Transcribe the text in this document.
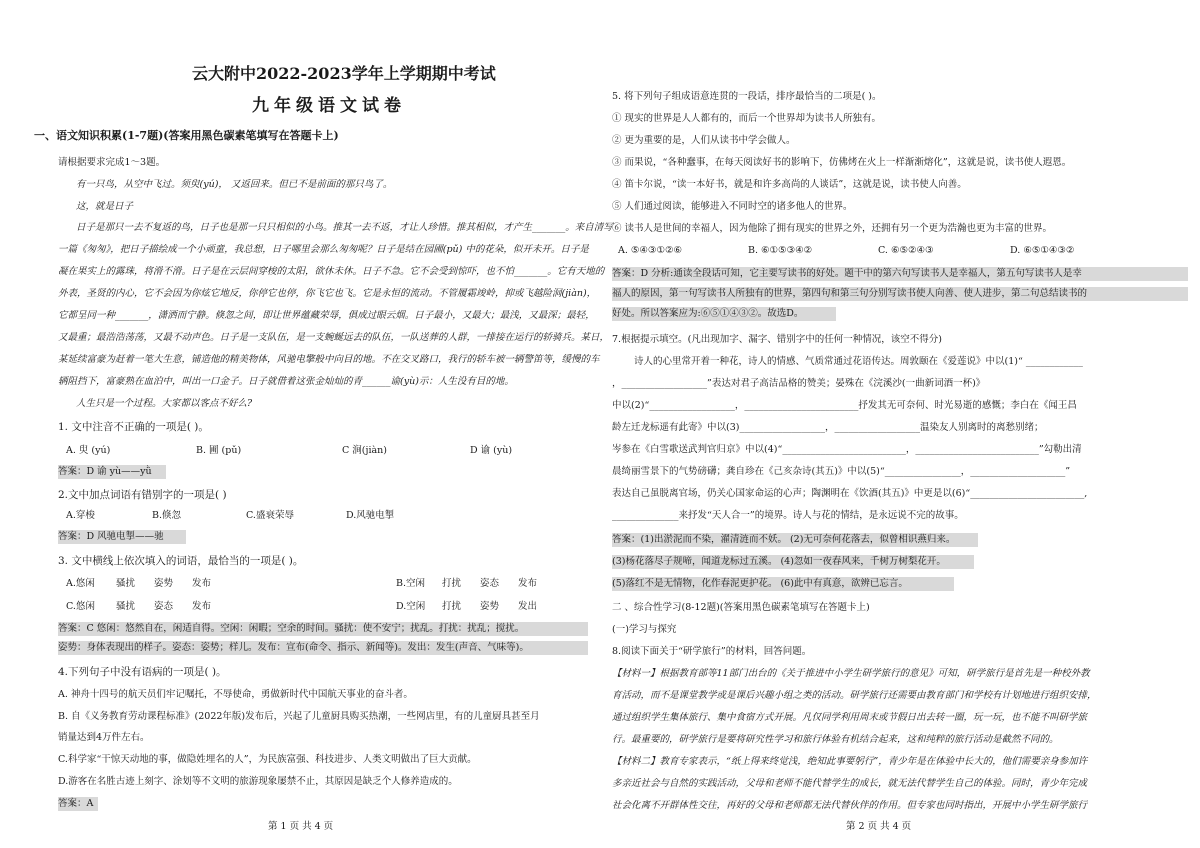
云大附中2022-2023学年上学期期中考试
九年级语文试卷
一、语文知识积累(1-7题)(答案用黑色碳素笔填写在答题卡上)
请根据要求完成1～3题。
有一只鸟，从空中飞过。须臾(yú)， 又返回来。但已不是前面的那只鸟了。
这，就是日子
日子是那只一去不复返的鸟，日子也是那一只只相似的小鸟。推其一去不返，才让人珍惜。推其相似，才产生_______。来自清写
一篇《匆匆》，把日子描绘成一个小顽童，我总想，日子哪里会那么匆匆呢？日子是结在园圃(pǔ) 中的花朵，似开未开。日子是
凝在果实上的露珠，将滑不滑。日子是在云层间穿梭的太阳，欲休未休。日子不急。它不会受到惊吓，也不怕_______。它有天地的
外表，圣贤的内心，它不会因为你炫它地反，你停它也停，你飞它也飞。它是永恒的流动。不管履霜竣岭，抑或飞越险洞(jiàn)，
它都呈同一种_______，潇洒而宁静。倏忽之间，即让世界蕴藏荣辱，俱成过眼云烟。日子最小，又最大；最浅，又最深；最轻，
又最重；最浩浩荡荡，又最不动声色。日子是一支队伍，是一支蜿蜒远去的队伍，一队送葬的人群，一排接在运行的轿骑兵。某日，
某延续富豪为赶着一笔大生意，铺造他的精美物体，风驰电擎般中向目的地。不在交叉路口，我行的轿车被一辆警笛等，缓慢的车
辆阻挡下，富豪熟在血泊中，叫出一口金子。日子就借着这张金灿灿的青______谕(yù)示：人生没有目的地。
人生只是一个过程。大家都以客点不好么?
1. 文中注音不正确的一项是( )。
A. 臾 (yú)	B. 圃 (pǔ)	C 涧(jiàn)	D 谕 (yù)
答案：D 谕 yù——yǜ
2.文中加点词语有错别字的一项是( )
A.穿梭	B.倏忽	C.盛衰荣辱	D.风驰电掣
答案：D 风驰电掣——驰
3. 文中横线上依次填入的词语，最恰当的一项是( )。
A.悠闲 骚扰 姿势 发布	B.空闲 打扰 姿态 发布
C.悠闲 骚扰 姿态 发布	D.空闲 打扰 姿势 发出
答案：C 悠闲：悠然自在，闲适自得。空闲：闲暇；空余的时间。骚扰：使不安宁；扰乱。打扰：扰乱；搅扰。
姿势：身体表现出的样子。姿态：姿势；样儿。发布：宣布(命令、指示、新闻等)。发出：发生(声音、气味等)。
4.下列句子中没有语病的一项是( )。
A. 神舟十四号的航天员们牢记嘱托，不辱使命，勇做新时代中国航天事业的奋斗者。
B. 自《义务教育劳动课程标准》(2022年版)发布后，兴起了儿童厨具购买热潮，一些网店里，有的儿童厨具甚至月
销量达到4万件左右。
C.科学家“干惊天动地的事，做隐姓埋名的人”，为民族富强、科技进步、人类文明做出了巨大贡献。
D.游客在名胜古迹上刻字、涂划等不文明的旅游现象屡禁不止，其原因是缺乏个人修养造成的。
答案：A
第 1 页 共 4 页
5. 将下列句子组成语意连贯的一段话，排序最恰当的二项是( )。
① 现实的世界是人人都有的，而后一个世界却为读书人所独有。
② 更为重要的是，人们从读书中学会做人。
③ 而果说，“各种蠢事，在每天阅读好书的影响下，仿佛烤在火上一样渐渐熔化”，这就是说，读书使人遐恩。
④ 笛卡尔说，“读一本好书，就是和许多高尚的人谈话”，这就是说，读书使人向善。
⑤ 人们通过阅读，能够进入不同时空的诸多他人的世界。
⑥ 读书人是世间的幸福人，因为他除了拥有现实的世界之外，还拥有另一个更为浩瀚也更为丰富的世界。
A. ⑤④③①②⑥	B. ⑥①⑤③④②	C. ⑥⑤②④③	D. ⑥⑤①④③②
答案：D 分析:通读全段话可知，它主要写读书的好处。题干中的第六句写读书人是幸福人，第五句写读书人是幸
福人的原因，第一句写读书人所独有的世界，第四句和第三句分别写读书使人向善、使人进步，第二句总结读书的
好处。所以答案应为:⑥⑤①④③②。故选D。
7.根据提示填空。(凡出现加字、漏字、错别字中的任何一种情况，该空不得分)
诗人的心里常开着一种花，诗人的情感、气质常通过花语传达。周敦颐在《爱莲说》中以(1)“ ____________
，__________________”表达对君子高洁品格的赞美；晏殊在《浣溪沙(一曲新词酒一杯)》
中以(2)“__________________，________________________抒发其无可奈何、时光易逝的感慨；李白在《闻王昌
龄左迁龙标遥有此寄》中以(3)__________________，__________________温染友人别离时的离愁别绪；
岑参在《白雪歌送武判官归京》中以(4)“__________________________，__________________________”勾勒出清
晨绮丽雪景下的气势磅礴；龚自珍在《己亥杂诗(其五)》中以(5)“________________，____________________”
表达自己虽脱离官场，仍关心国家命运的心声；陶渊明在《饮酒(其五)》中更是以(6)“________________________,
______________来抒发“天人合一”的境界。诗人与花的情结，是永远说不完的故事。
答案：(1)出淤泥而不染，濯清涟而不妖。 (2)无可奈何花落去，似曾相识燕归来。
(3)杨花落尽子规啼，闻道龙标过五溪。 (4)忽如一夜春风来，千树万树梨花开。
(5)落红不是无情物，化作春泥更护花。 (6)此中有真意，欲辨已忘言。
二 、综合性学习(8-12题)(答案用黑色碳素笔填写在答题卡上)
(一)学习与探究
8.阅读下面关于“研学旅行”的材料，回答问题。
【材料一】根据教育部等11部门出台的《关于推进中小学生研学旅行的意见》可知，研学旅行是首先是一种校外教
育活动，而不是课堂教学或是课后兴趣小组之类的活动。研学旅行还需要由教育部门和学校有计划地进行组织安排，
通过组织学生集体旅行、集中食宿方式开展。凡仅同学利用周末或节假日出去转一圈，玩一玩，也不能不叫研学旅
行。最重要的，研学旅行是要将研究性学习和旅行体验有机结合起来，这和纯粹的旅行活动是截然不同的。
【材料二】教育专家表示，“纸上得来终觉浅，绝知此事要躬行”，青少年是在体验中长大的，他们需要亲身参加许
多亲近社会与自然的实践活动，父母和老师不能代替学生的成长，就无法代替学生自己的体验。同时，青少年完成
社会化离不开群体性交往，再好的父母和老师都无法代替伙伴的作用。但专家也同时指出，开展中小学生研学旅行
第 2 页 共 4 页
